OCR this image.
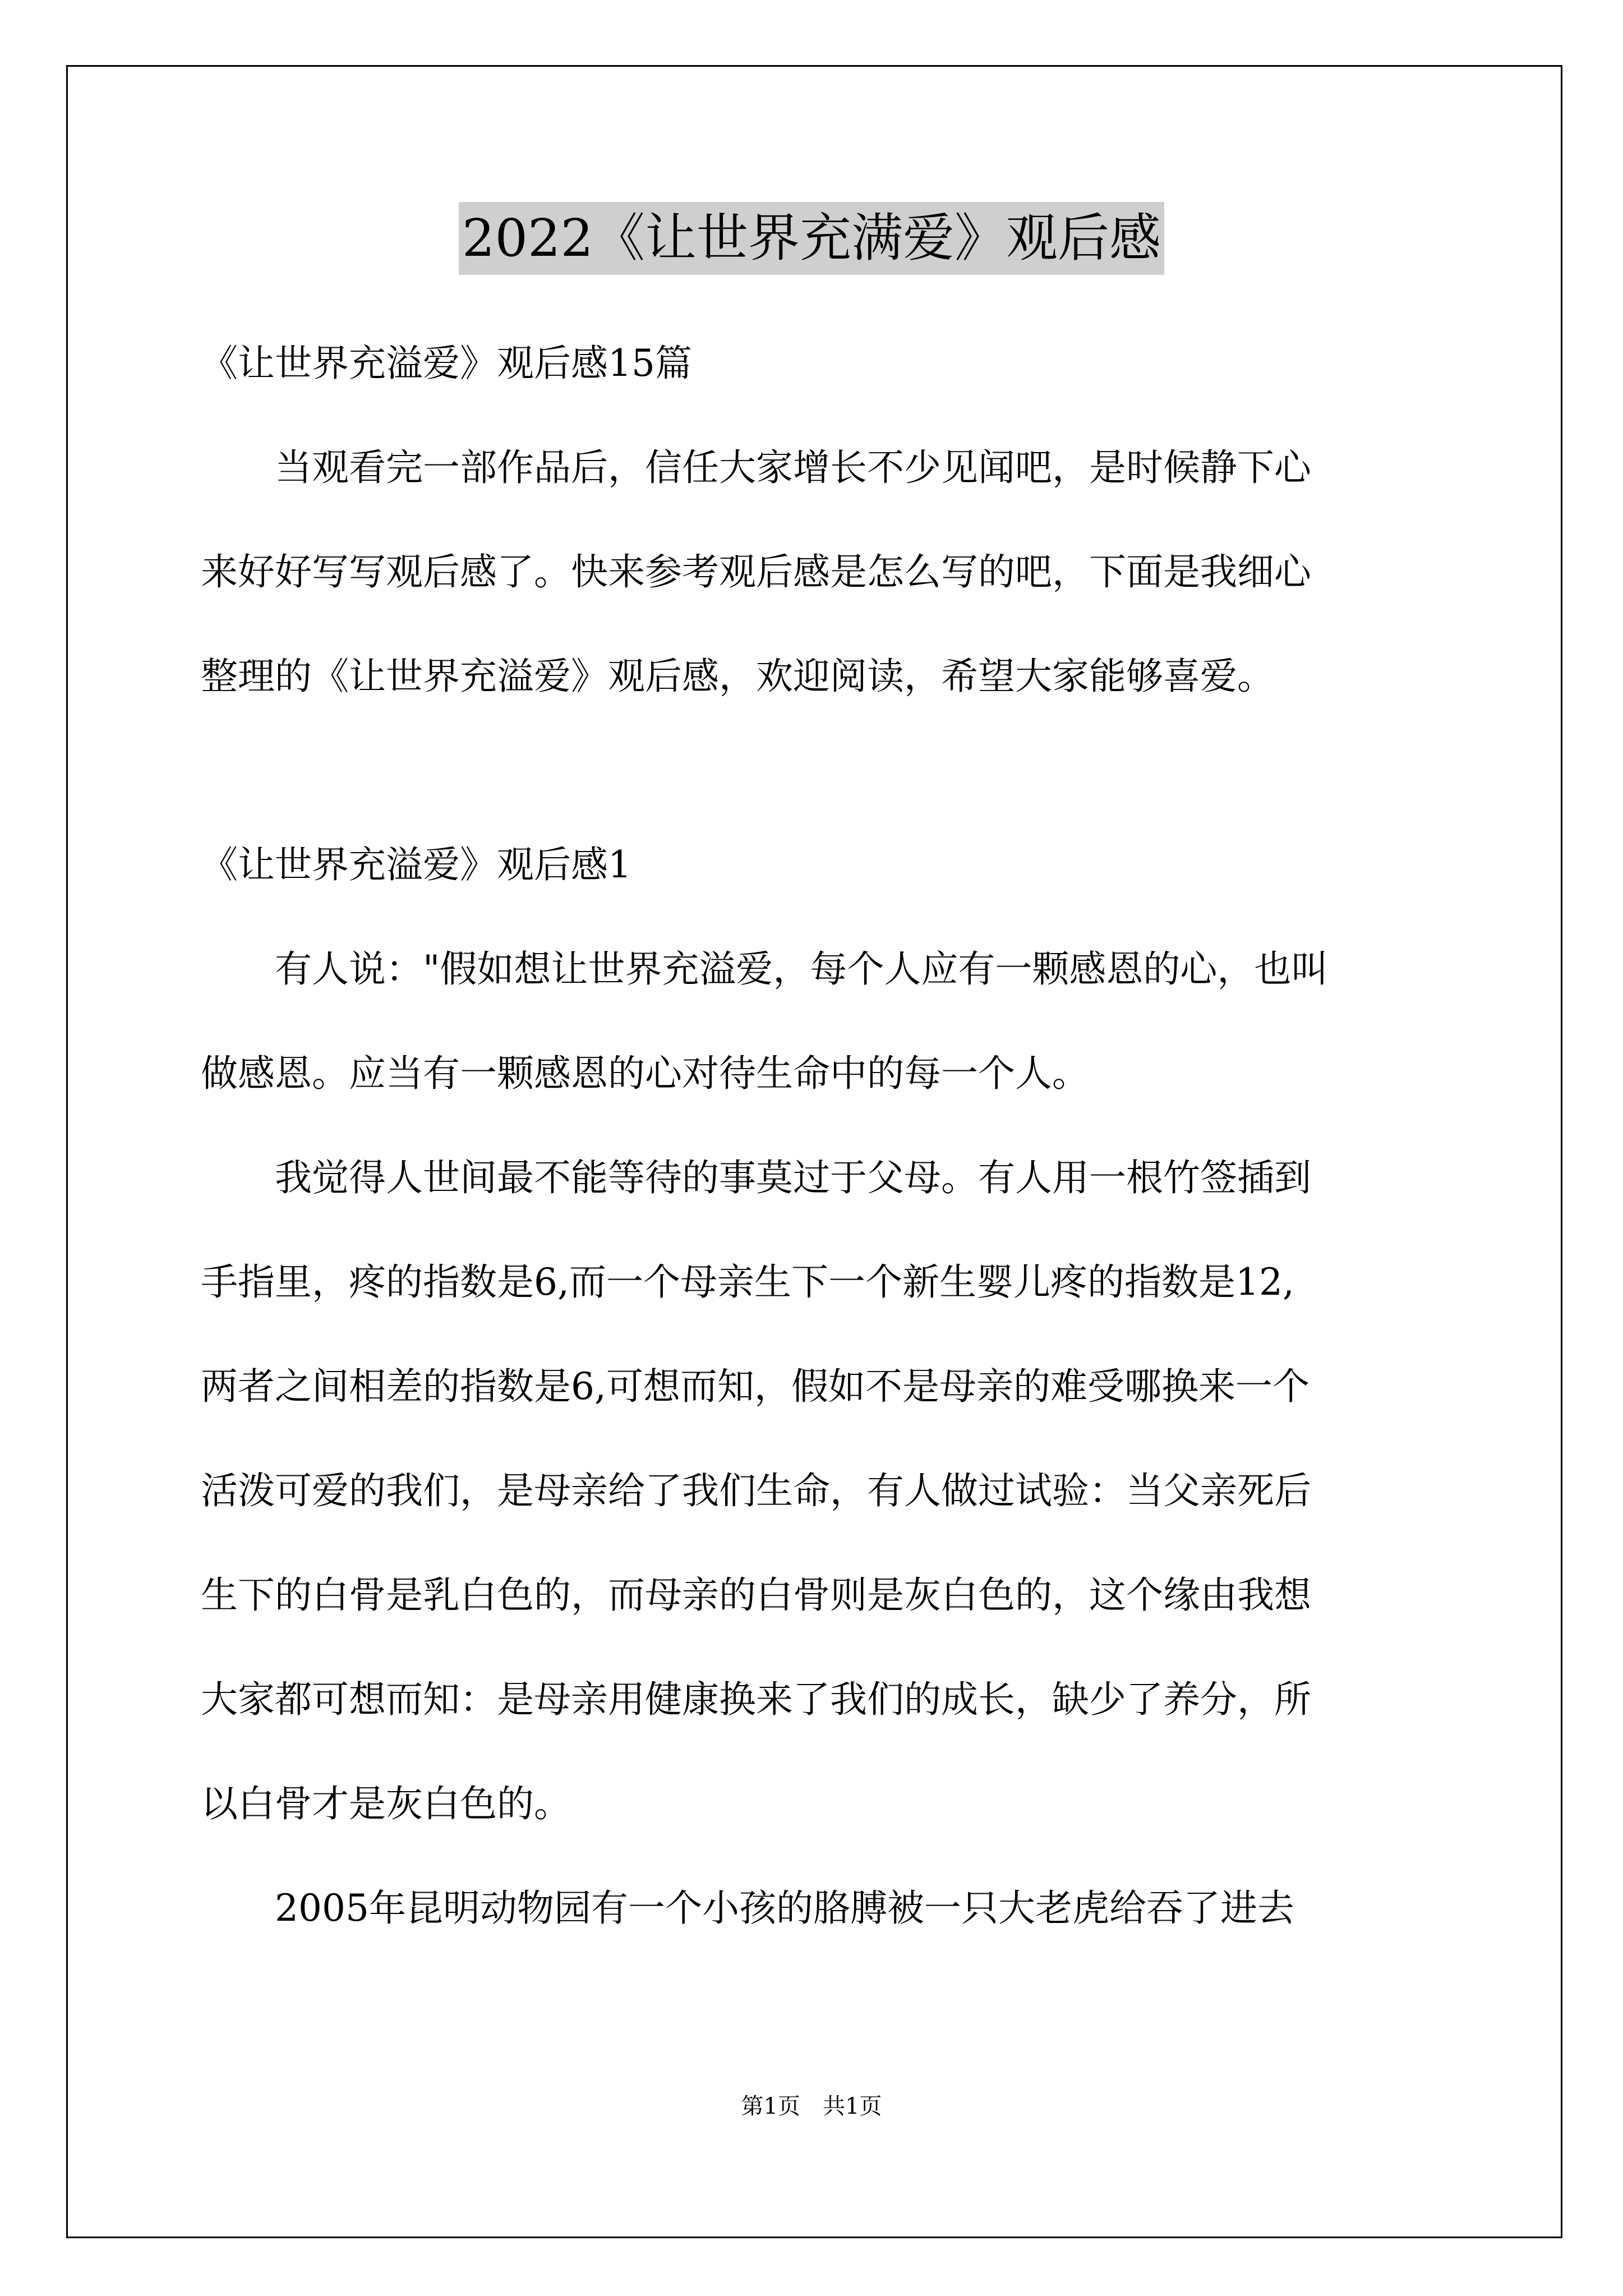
2022《让世界充满爱》观后感

《让世界充溢爱》观后感15篇

当观看完一部作品后，信任大家增长不少见闻吧，是时候静下心

来好好写写观后感了。快来参考观后感是怎么写的吧，下面是我细心

整理的《让世界充溢爱》观后感，欢迎阅读，希望大家能够喜爱。

《让世界充溢爱》观后感1

有人说："假如想让世界充溢爱，每个人应有一颗感恩的心，也叫

做感恩。应当有一颗感恩的心对待生命中的每一个人。

我觉得人世间最不能等待的事莫过于父母。有人用一根竹签插到

手指里，疼的指数是6,而一个母亲生下一个新生婴儿疼的指数是12,

两者之间相差的指数是6,可想而知，假如不是母亲的难受哪换来一个

活泼可爱的我们，是母亲给了我们生命，有人做过试验：当父亲死后

生下的白骨是乳白色的，而母亲的白骨则是灰白色的，这个缘由我想

大家都可想而知：是母亲用健康换来了我们的成长，缺少了养分，所

以白骨才是灰白色的。

2005年昆明动物园有一个小孩的胳膊被一只大老虎给吞了进去

第1页　共1页
